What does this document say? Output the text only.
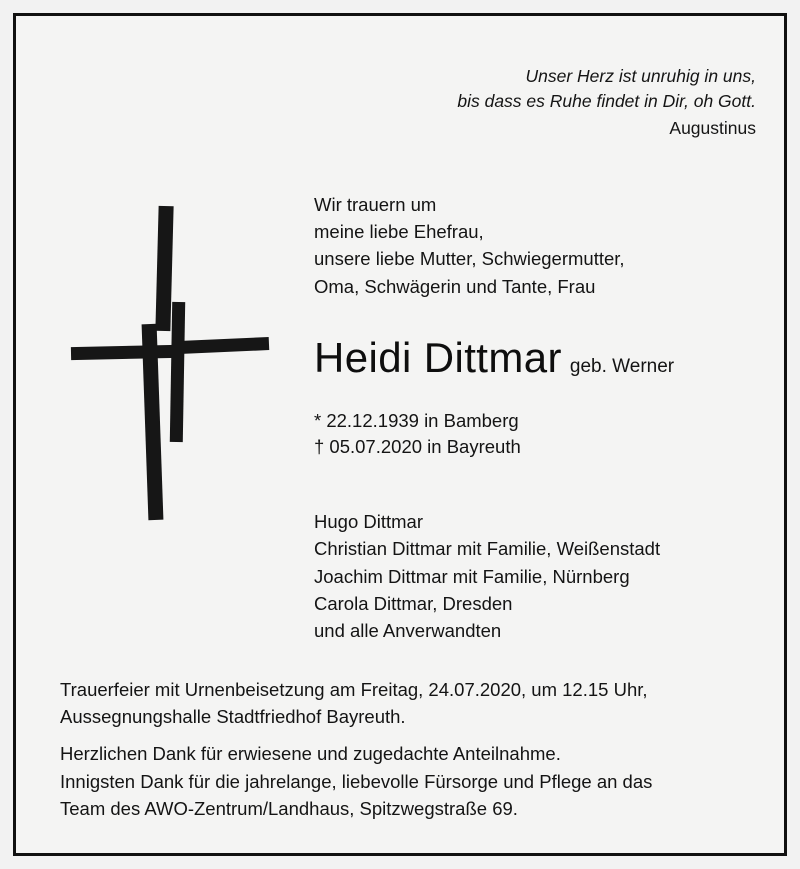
Unser Herz ist unruhig in uns,
bis dass es Ruhe findet in Dir, oh Gott.
Augustinus
Wir trauern um
meine liebe Ehefrau,
unsere liebe Mutter, Schwiegermutter,
Oma, Schwägerin und Tante, Frau
Heidi Dittmar geb. Werner
* 22.12.1939 in Bamberg
† 05.07.2020 in Bayreuth
Hugo Dittmar
Christian Dittmar mit Familie, Weißenstadt
Joachim Dittmar mit Familie, Nürnberg
Carola Dittmar, Dresden
und alle Anverwandten
Trauerfeier mit Urnenbeisetzung am Freitag, 24.07.2020, um 12.15 Uhr,
Aussegnungshalle Stadtfriedhof Bayreuth.
Herzlichen Dank für erwiesene und zugedachte Anteilnahme.
Innigsten Dank für die jahrelange, liebevolle Fürsorge und Pflege an das
Team des AWO-Zentrum/Landhaus, Spitzwegstraße 69.
